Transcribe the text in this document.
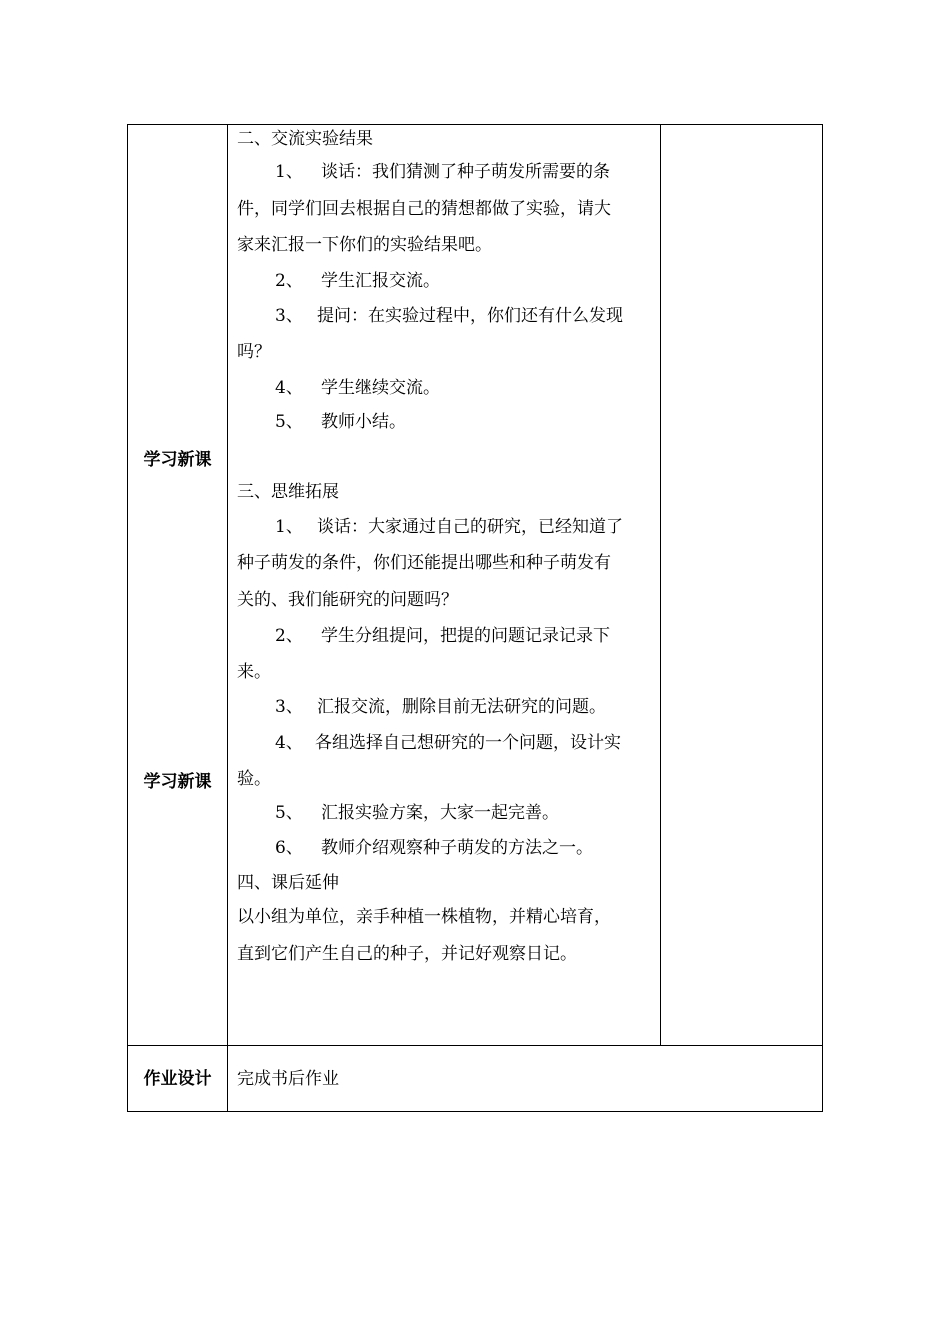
学习新课
学习新课
作业设计
二、交流实验结果
1、 谈话：我们猜测了种子萌发所需要的条
件，同学们回去根据自己的猜想都做了实验，请大
家来汇报一下你们的实验结果吧。
2、 学生汇报交流。
3、 提问：在实验过程中，你们还有什么发现
吗？
4、 学生继续交流。
5、 教师小结。
三、思维拓展
1、 谈话：大家通过自己的研究，已经知道了
种子萌发的条件，你们还能提出哪些和种子萌发有
关的、我们能研究的问题吗？
2、 学生分组提问，把提的问题记录记录下
来。
3、 汇报交流，删除目前无法研究的问题。
4、 各组选择自己想研究的一个问题，设计实
验。
5、 汇报实验方案，大家一起完善。
6、 教师介绍观察种子萌发的方法之一。
四、课后延伸
以小组为单位，亲手种植一株植物，并精心培育，
直到它们产生自己的种子，并记好观察日记。
完成书后作业
